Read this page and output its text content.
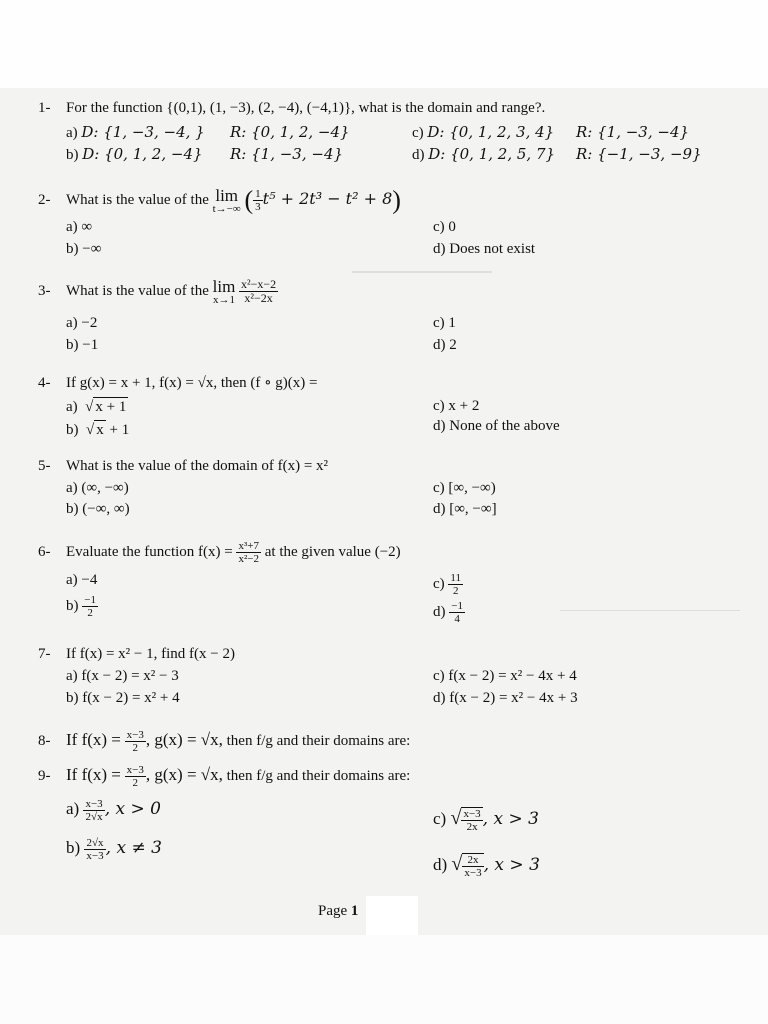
1- For the function {(0,1), (1, −3), (2, −4), (−4,1)}, what is the domain and range?.
a) D: {1, −3, −4, } R: {0, 1, 2, −4}
b) D: {0, 1, 2, −4} R: {1, −3, −4}
c) D: {0, 1, 2, 3, 4} R: {1, −3, −4}
d) D: {0, 1, 2, 5, 7} R: {−1, −3, −9}
2- What is the value of the lim
t→−∞ ( $\frac{1}{3} t^5 + 2t^3 - t^2 + 8$)
a) ∞
b) −∞
c) 0
d) Does not exist
3- What is the value of the lim
x→1
$\frac{\text{x²−x−2}}{\text{x²−2x}}$
a) −2
b) −1
c) 1
d) 2
4- If g(x) = x + 1, f(x) = √x, then (f ∘ g)(x) =
a) √ x + 1
b) √ x + 1
c) x + 2
d) None of the above
5- What is the value of the domain of f(x) = x²
a) (∞, −∞)
b) (−∞, ∞)
c) [∞, −∞)
d) [∞, −∞]
6- Evaluate the function $f(x) = \frac{\text{x³+7}}{\text{x²−2}}$ at the given value (−2)
a) −4
$b) \frac{-1}{2}$
$c) \frac{11}{2}$
$d) \frac{-1}{4}$
7- If f(x) = x² − 1, find f(x − 2)
a) f(x − 2) = x² − 3
b) f(x − 2) = x² + 4
c) f(x − 2) = x² − 4x + 4
d) f(x − 2) = x² − 4x + 3
8- If $f(x) = \frac{x-3}{2}$ , g(x) = √x, then f/g and their domains are:
9- If $f(x) = \frac{x-3}{2}$ , g(x) = √x, then f/g and their domains are:
$a) \frac{x-3}{2√x}$ , x > 0
$b) \frac{2√x}{x-3}$ , x ≠ 3
c) √ $\frac{x-3}{2x}$ , x > 3
d) √ $\frac{2x}{x-3}$ , x > 3
Page 1
